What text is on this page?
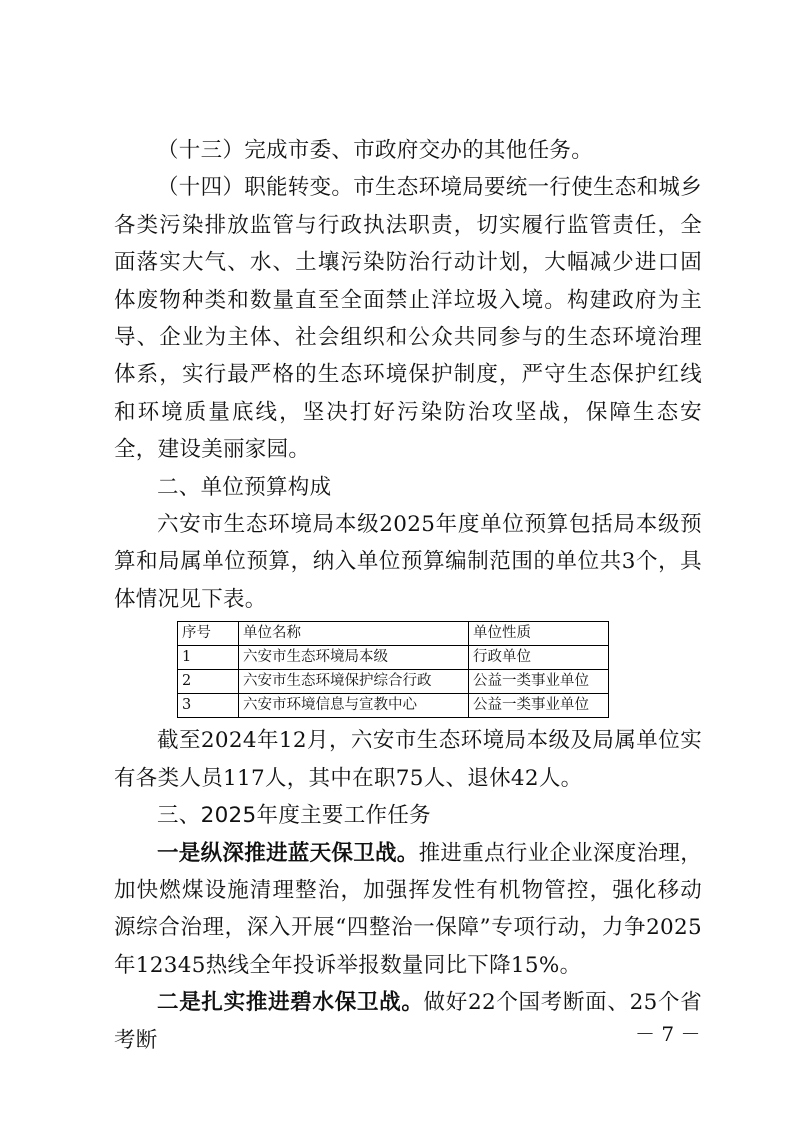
（十三）完成市委、市政府交办的其他任务。

（十四）职能转变。市生态环境局要统一行使生态和城乡各类污染排放监管与行政执法职责，切实履行监管责任，全面落实大气、水、土壤污染防治行动计划，大幅减少进口固体废物种类和数量直至全面禁止洋垃圾入境。构建政府为主导、企业为主体、社会组织和公众共同参与的生态环境治理体系，实行最严格的生态环境保护制度，严守生态保护红线和环境质量底线，坚决打好污染防治攻坚战，保障生态安全，建设美丽家园。

二、单位预算构成

六安市生态环境局本级2025年度单位预算包括局本级预算和局属单位预算，纳入单位预算编制范围的单位共3个，具体情况见下表。

序号	单位名称	单位性质
1	六安市生态环境局本级	行政单位
2	六安市生态环境保护综合行政	公益一类事业单位
3	六安市环境信息与宣教中心	公益一类事业单位

截至2024年12月，六安市生态环境局本级及局属单位实有各类人员117人，其中在职75人、退休42人。

三、2025年度主要工作任务

一是纵深推进蓝天保卫战。推进重点行业企业深度治理，加快燃煤设施清理整治，加强挥发性有机物管控，强化移动源综合治理，深入开展“四整治一保障”专项行动，力争2025年12345热线全年投诉举报数量同比下降15%。

二是扎实推进碧水保卫战。做好22个国考断面、25个省考断	－ 7 －
